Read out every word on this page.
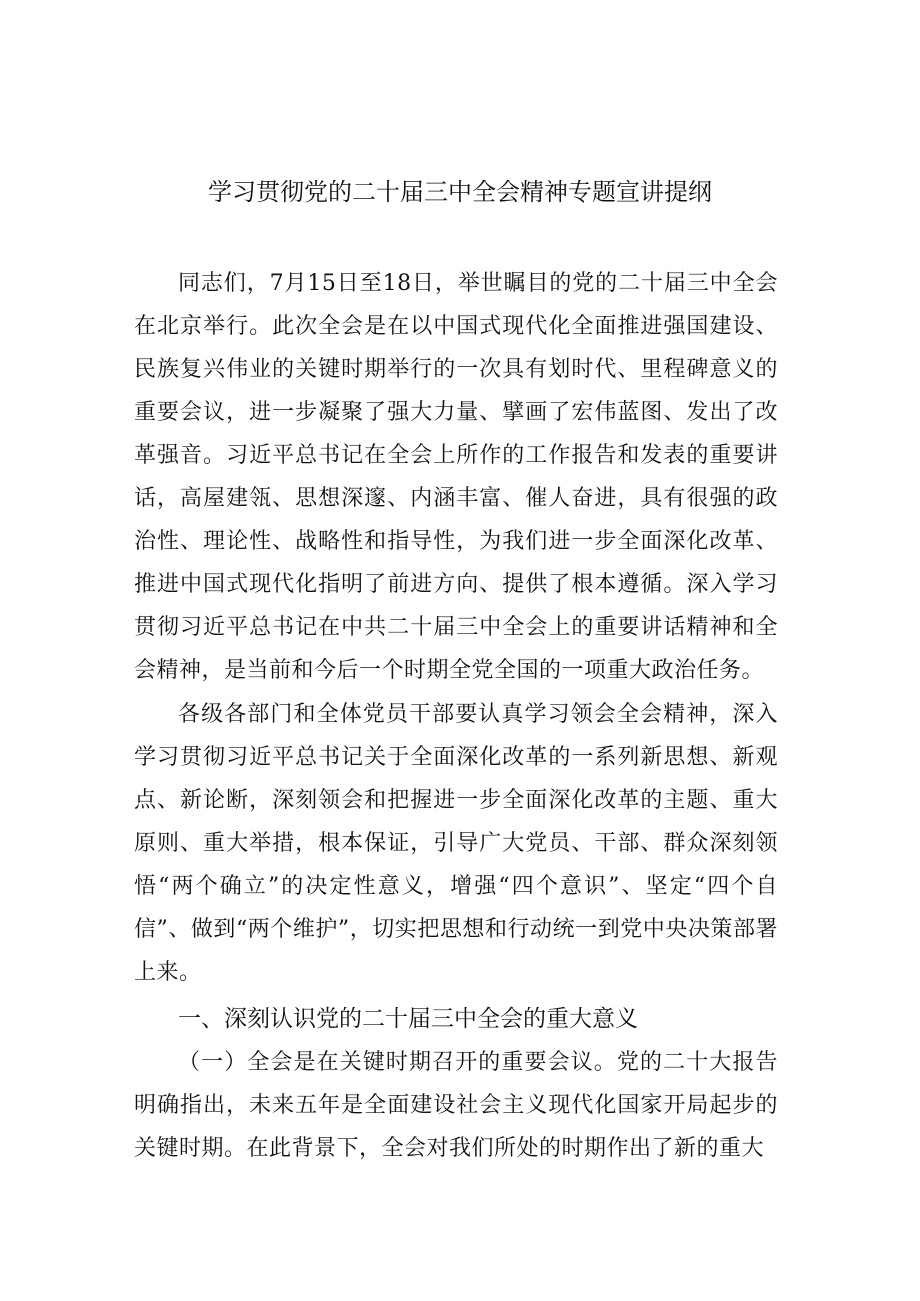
学习贯彻党的二十届三中全会精神专题宣讲提纲

同志们，7月15日至18日，举世瞩目的党的二十届三中全会在北京举行。此次全会是在以中国式现代化全面推进强国建设、民族复兴伟业的关键时期举行的一次具有划时代、里程碑意义的重要会议，进一步凝聚了强大力量、擘画了宏伟蓝图、发出了改革强音。习近平总书记在全会上所作的工作报告和发表的重要讲话，高屋建瓴、思想深邃、内涵丰富、催人奋进，具有很强的政治性、理论性、战略性和指导性，为我们进一步全面深化改革、推进中国式现代化指明了前进方向、提供了根本遵循。深入学习贯彻习近平总书记在中共二十届三中全会上的重要讲话精神和全会精神，是当前和今后一个时期全党全国的一项重大政治任务。

各级各部门和全体党员干部要认真学习领会全会精神，深入学习贯彻习近平总书记关于全面深化改革的一系列新思想、新观点、新论断，深刻领会和把握进一步全面深化改革的主题、重大原则、重大举措，根本保证，引导广大党员、干部、群众深刻领悟“两个确立”的决定性意义，增强“四个意识”、坚定“四个自信”、做到“两个维护”，切实把思想和行动统一到党中央决策部署上来。

一、深刻认识党的二十届三中全会的重大意义

（一）全会是在关键时期召开的重要会议。党的二十大报告明确指出，未来五年是全面建设社会主义现代化国家开局起步的关键时期。在此背景下，全会对我们所处的时期作出了新的重大
